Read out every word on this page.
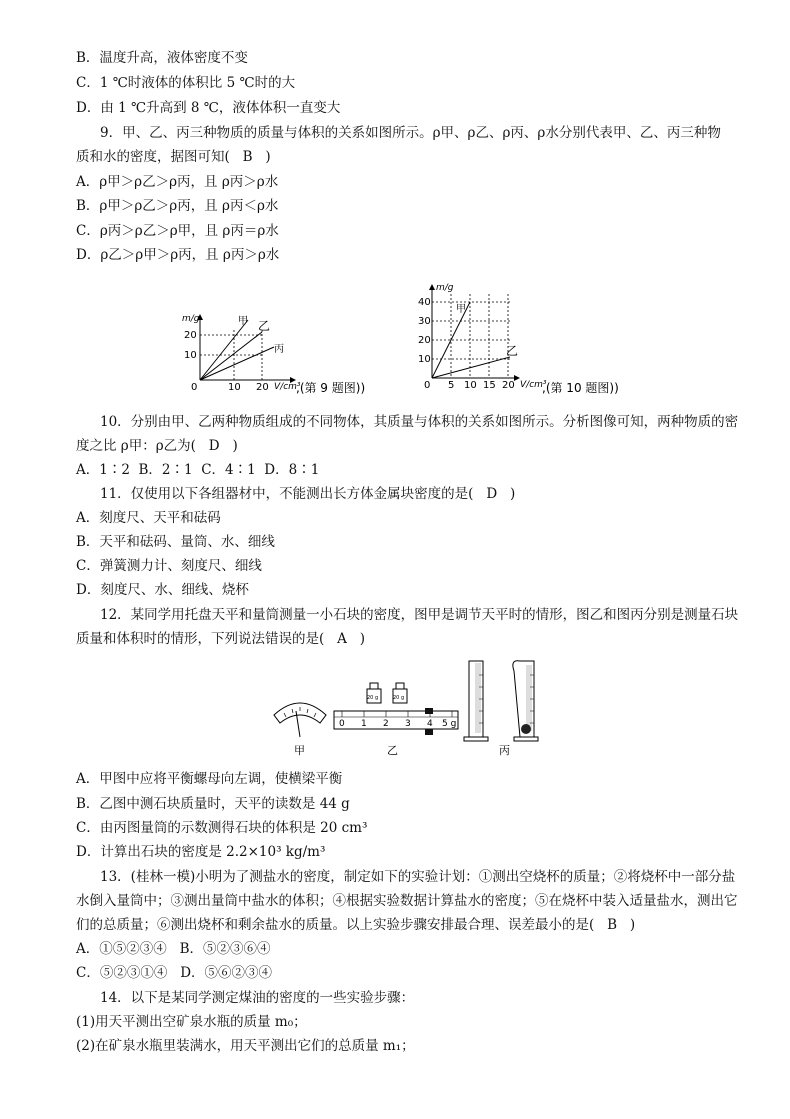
B．温度升高，液体密度不变
C．1 ℃时液体的体积比 5 ℃时的大
D．由 1 ℃升高到 8 ℃，液体体积一直变大
9．甲、乙、丙三种物质的质量与体积的关系如图所示。ρ甲、ρ乙、ρ丙、ρ水分别代表甲、乙、丙三种物
质和水的密度，据图可知(   B   )
A．ρ甲＞ρ乙＞ρ丙，且 ρ丙＞ρ水
B．ρ甲＞ρ乙＞ρ丙，且 ρ丙＜ρ水
C．ρ丙＞ρ乙＞ρ甲，且 ρ丙＝ρ水
D．ρ乙＞ρ甲＞ρ丙，且 ρ丙＞ρ水
m/g
20
10
0	10 20 V/cm³
,(第 9 题图))
甲 乙
丙
m/g
40
30
20
10
0 5 10 15 20 V/cm³
,(第 10 题图))
甲
乙
10．分别由甲、乙两种物质组成的不同物体，其质量与体积的关系如图所示。分析图像可知，两种物质的密
度之比 ρ甲：ρ乙为(   D   )
A．1∶2  B．2∶1  C．4∶1  D．8∶1
11．仅使用以下各组器材中，不能测出长方体金属块密度的是(   D   )
A．刻度尺、天平和砝码
B．天平和砝码、量筒、水、细线
C．弹簧测力计、刻度尺、细线
D．刻度尺、水、细线、烧杯
12．某同学用托盘天平和量筒测量一小石块的密度，图甲是调节天平时的情形，图乙和图丙分别是测量石块
质量和体积时的情形，下列说法错误的是(   A   )
甲
20 g	20 g
0 1 2 3 4 5 g
乙	丙
A．甲图中应将平衡螺母向左调，使横梁平衡
B．乙图中测石块质量时，天平的读数是 44 g
C．由丙图量筒的示数测得石块的体积是 20 cm³
D．计算出石块的密度是 2.2×10³ kg/m³
13．(桂林一模)小明为了测盐水的密度，制定如下的实验计划：①测出空烧杯的质量；②将烧杯中一部分盐
水倒入量筒中；③测出量筒中盐水的体积；④根据实验数据计算盐水的密度；⑤在烧杯中装入适量盐水，测出它
们的总质量；⑥测出烧杯和剩余盐水的质量。以上实验步骤安排最合理、误差最小的是(   B   )
A．①⑤②③④   B．⑤②③⑥④
C．⑤②③①④   D．⑤⑥②③④
14．以下是某同学测定煤油的密度的一些实验步骤：
(1)用天平测出空矿泉水瓶的质量 m₀；
(2)在矿泉水瓶里装满水，用天平测出它们的总质量 m₁；
